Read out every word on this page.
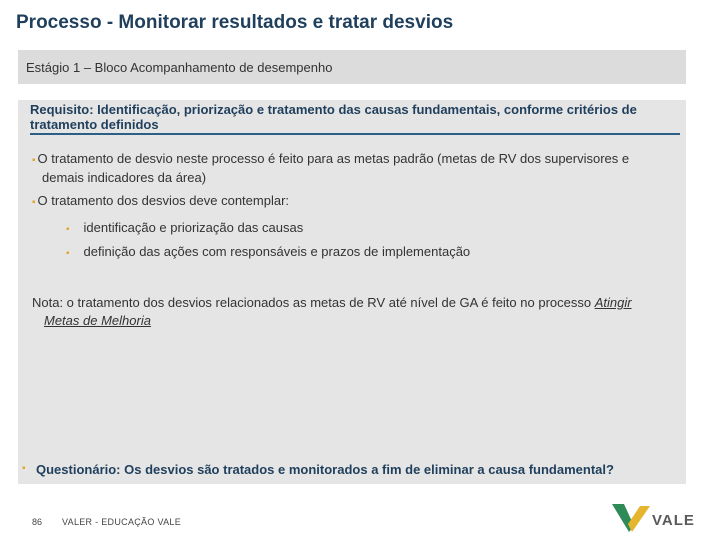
Processo - Monitorar resultados e tratar desvios
Estágio 1 – Bloco Acompanhamento de desempenho
Requisito: Identificação, priorização e tratamento das causas fundamentais, conforme critérios de tratamento definidos
▪ O tratamento de desvio neste processo é feito para as metas padrão (metas de RV dos supervisores e
demais indicadores da área)
▪ O tratamento dos desvios deve contemplar:
▪ identificação e priorização das causas
▪ definição das ações com responsáveis e prazos de implementação
Nota: o tratamento dos desvios relacionados as metas de RV até nível de GA é feito no processo Atingir
Metas de Melhoria
▪ Questionário: Os desvios são tratados e monitorados a fim de eliminar a causa fundamental?
86 VALER - EDUCAÇÃO VALE	VALE
